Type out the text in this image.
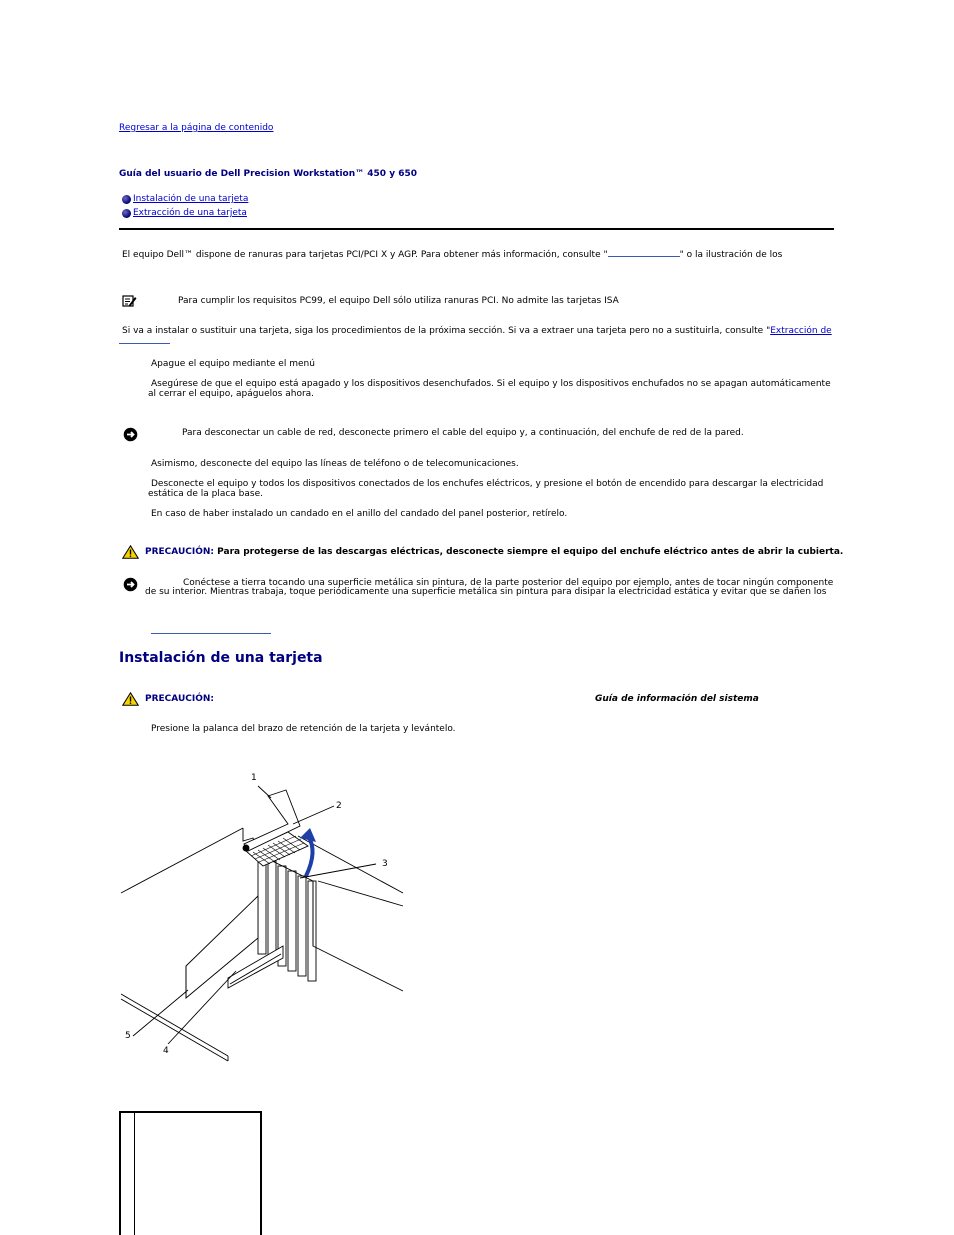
Regresar a la página de contenido
Guía del usuario de Dell Precision Workstation™ 450 y 650
Instalación de una tarjeta
Extracción de una tarjeta
El equipo Dell™ dispone de ranuras para tarjetas PCI/PCI X y AGP. Para obtener más información, consulte "	" o la ilustración de los
Para cumplir los requisitos PC99, el equipo Dell sólo utiliza ranuras PCI. No admite las tarjetas ISA
Si va a instalar o sustituir una tarjeta, siga los procedimientos de la próxima sección. Si va a extraer una tarjeta pero no a sustituirla, consulte "Extracción de
Apague el equipo mediante el menú
Asegúrese de que el equipo está apagado y los dispositivos desenchufados. Si el equipo y los dispositivos enchufados no se apagan automáticamente
al cerrar el equipo, apáguelos ahora.
Para desconectar un cable de red, desconecte primero el cable del equipo y, a continuación, del enchufe de red de la pared.
Asimismo, desconecte del equipo las líneas de teléfono o de telecomunicaciones.
Desconecte el equipo y todos los dispositivos conectados de los enchufes eléctricos, y presione el botón de encendido para descargar la electricidad
estática de la placa base.
En caso de haber instalado un candado en el anillo del candado del panel posterior, retírelo.
PRECAUCIÓN: Para protegerse de las descargas eléctricas, desconecte siempre el equipo del enchufe eléctrico antes de abrir la cubierta.
Conéctese a tierra tocando una superficie metálica sin pintura, de la parte posterior del equipo por ejemplo, antes de tocar ningún componente
de su interior. Mientras trabaja, toque periódicamente una superficie metálica sin pintura para disipar la electricidad estática y evitar que se dañen los
Instalación de una tarjeta
PRECAUCIÓN:	Guía de información del sistema
Presione la palanca del brazo de retención de la tarjeta y levántelo.
1
2
3
4
5
